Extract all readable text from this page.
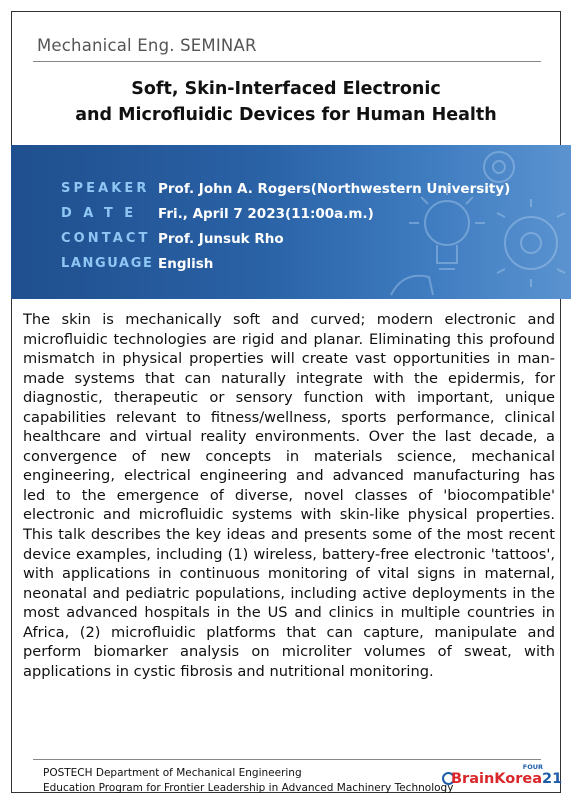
Mechanical Eng. SEMINAR
Soft, Skin-Interfaced Electronic
and Microfluidic Devices for Human Health
SPEAKER Prof. John A. Rogers(Northwestern University)
DATE Fri., April 7 2023(11:00a.m.)
CONTACT Prof. Junsuk Rho
LANGUAGE English
The skin is mechanically soft and curved; modern electronic and microfluidic technologies are rigid and planar. Eliminating this profound mismatch in physical properties will create vast opportunities in man-made systems that can naturally integrate with the epidermis, for diagnostic, therapeutic or sensory function with important, unique capabilities relevant to fitness/wellness, sports performance, clinical healthcare and virtual reality environments. Over the last decade, a convergence of new concepts in materials science, mechanical engineering, electrical engineering and advanced manufacturing has led to the emergence of diverse, novel classes of 'biocompatible' electronic and microfluidic systems with skin-like physical properties. This talk describes the key ideas and presents some of the most recent device examples, including (1) wireless, battery-free electronic 'tattoos', with applications in continuous monitoring of vital signs in maternal, neonatal and pediatric populations, including active deployments in the most advanced hospitals in the US and clinics in multiple countries in Africa, (2) microfluidic platforms that can capture, manipulate and perform biomarker analysis on microliter volumes of sweat, with applications in cystic fibrosis and nutritional monitoring.
POSTECH Department of Mechanical Engineering
Education Program for Frontier Leadership in Advanced Machinery Technology
FOUR
BrainKorea21
